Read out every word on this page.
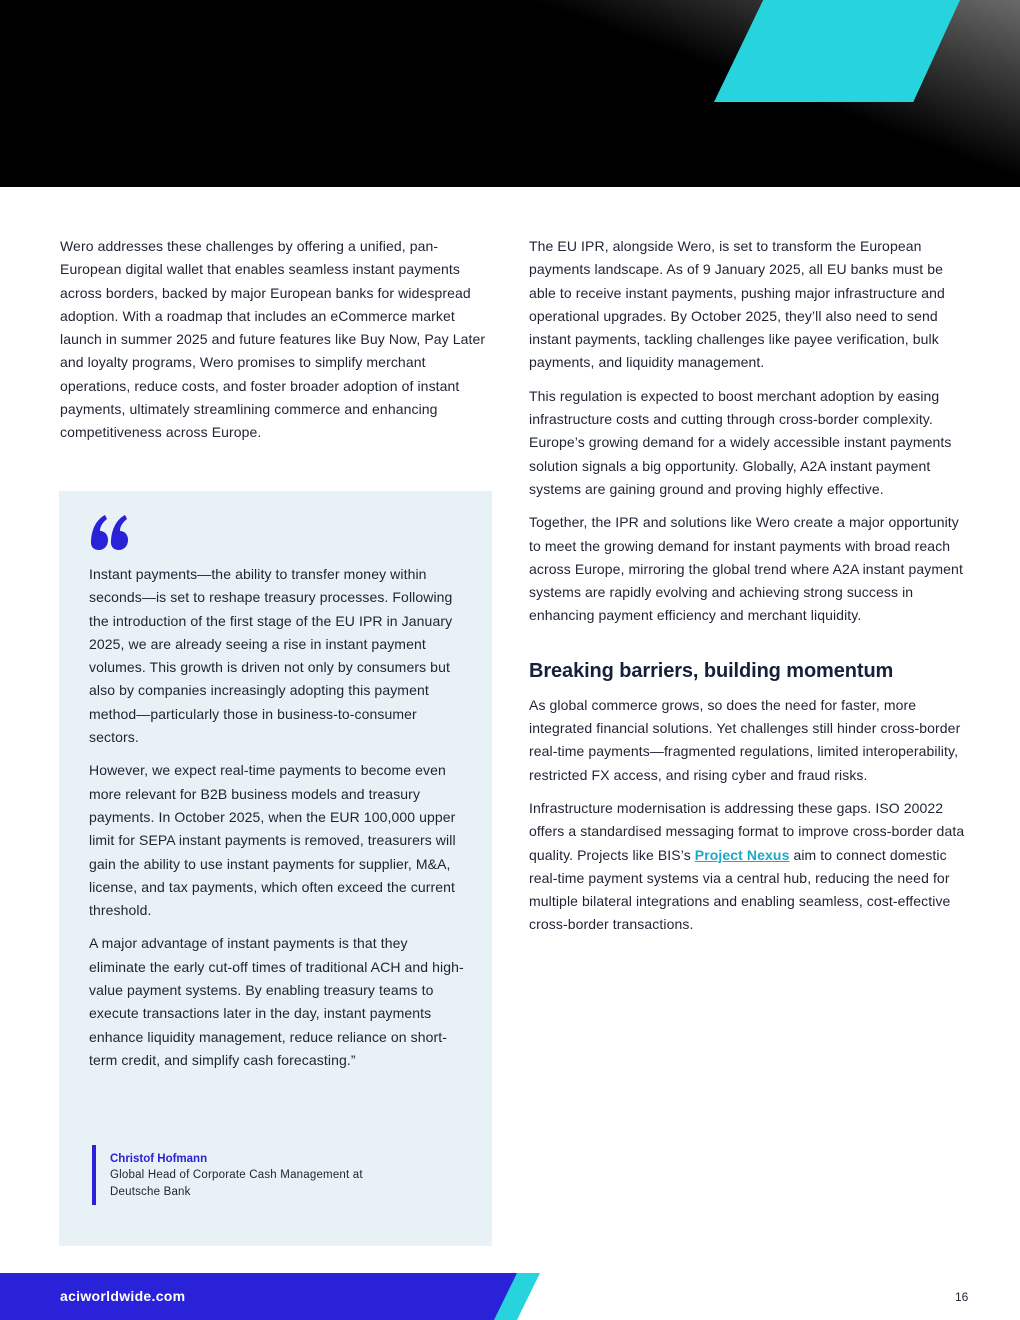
Wero addresses these challenges by offering a unified, pan-European digital wallet that enables seamless instant payments across borders, backed by major European banks for widespread adoption. With a roadmap that includes an eCommerce market launch in summer 2025 and future features like Buy Now, Pay Later and loyalty programs, Wero promises to simplify merchant operations, reduce costs, and foster broader adoption of instant payments, ultimately streamlining commerce and enhancing competitiveness across Europe.

Instant payments—the ability to transfer money within seconds—is set to reshape treasury processes. Following the introduction of the first stage of the EU IPR in January 2025, we are already seeing a rise in instant payment volumes. This growth is driven not only by consumers but also by companies increasingly adopting this payment method—particularly those in business-to-consumer sectors.

However, we expect real-time payments to become even more relevant for B2B business models and treasury payments. In October 2025, when the EUR 100,000 upper limit for SEPA instant payments is removed, treasurers will gain the ability to use instant payments for supplier, M&A, license, and tax payments, which often exceed the current threshold.

A major advantage of instant payments is that they eliminate the early cut-off times of traditional ACH and high-value payment systems. By enabling treasury teams to execute transactions later in the day, instant payments enhance liquidity management, reduce reliance on short-term credit, and simplify cash forecasting.”

Christof Hofmann
Global Head of Corporate Cash Management at
Deutsche Bank

The EU IPR, alongside Wero, is set to transform the European payments landscape. As of 9 January 2025, all EU banks must be able to receive instant payments, pushing major infrastructure and operational upgrades. By October 2025, they’ll also need to send instant payments, tackling challenges like payee verification, bulk payments, and liquidity management.

This regulation is expected to boost merchant adoption by easing infrastructure costs and cutting through cross-border complexity. Europe’s growing demand for a widely accessible instant payments solution signals a big opportunity. Globally, A2A instant payment systems are gaining ground and proving highly effective.

Together, the IPR and solutions like Wero create a major opportunity to meet the growing demand for instant payments with broad reach across Europe, mirroring the global trend where A2A instant payment systems are rapidly evolving and achieving strong success in enhancing payment efficiency and merchant liquidity.

Breaking barriers, building momentum

As global commerce grows, so does the need for faster, more integrated financial solutions. Yet challenges still hinder cross-border real-time payments—fragmented regulations, limited interoperability, restricted FX access, and rising cyber and fraud risks.

Infrastructure modernisation is addressing these gaps. ISO 20022 offers a standardised messaging format to improve cross-border data quality. Projects like BIS’s Project Nexus aim to connect domestic real-time payment systems via a central hub, reducing the need for multiple bilateral integrations and enabling seamless, cost-effective cross-border transactions.

aciworldwide.com	16
